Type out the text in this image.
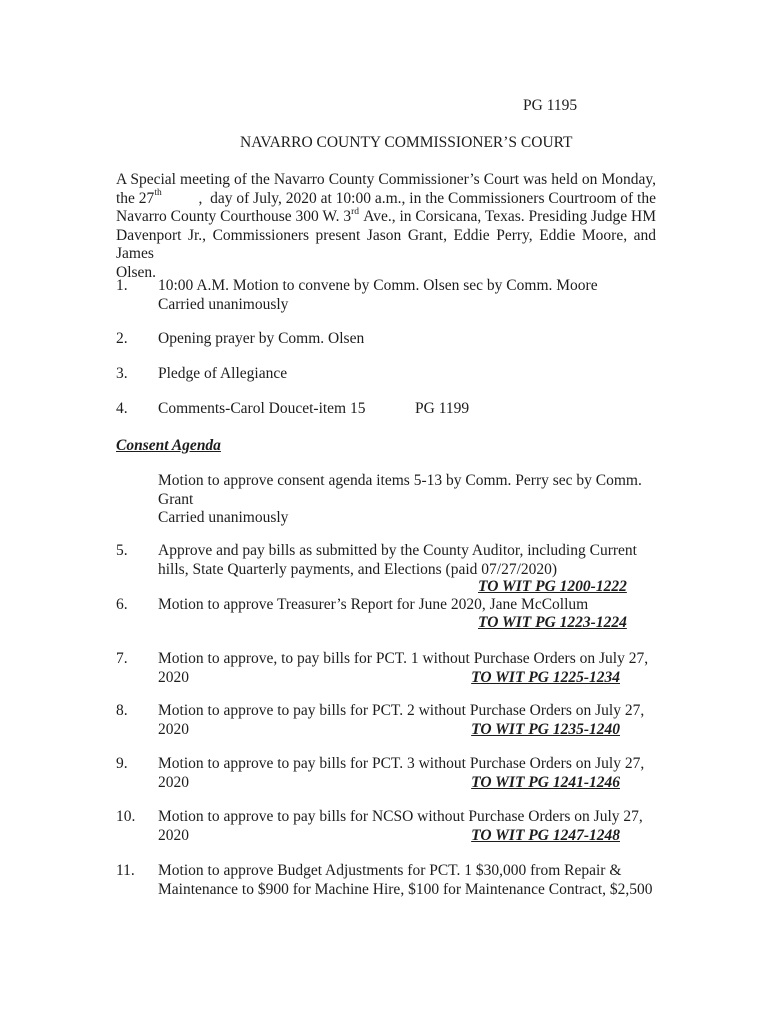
PG 1195
NAVARRO COUNTY COMMISSIONER’S COURT
A Special meeting of the Navarro County Commissioner’s Court was held on Monday,
the 27th ,  day of July, 2020 at 10:00 a.m., in the Commissioners Courtroom of the
Navarro County Courthouse 300 W. 3rd Ave., in Corsicana, Texas. Presiding Judge HM
Davenport Jr., Commissioners present Jason Grant, Eddie Perry, Eddie Moore, and James
Olsen.
1. 10:00 A.M. Motion to convene by Comm. Olsen sec by Comm. Moore
Carried unanimously
2. Opening prayer by Comm. Olsen
3. Pledge of Allegiance
4. Comments-Carol Doucet-item 15	PG 1199
Consent Agenda
Motion to approve consent agenda items 5-13 by Comm. Perry sec by Comm.
Grant
Carried unanimously
5. Approve and pay bills as submitted by the County Auditor, including Current
hills, State Quarterly payments, and Elections (paid 07/27/2020)
TO WIT PG 1200-1222
6. Motion to approve Treasurer’s Report for June 2020, Jane McCollum
TO WIT PG 1223-1224
7. Motion to approve, to pay bills for PCT. 1 without Purchase Orders on July 27,
2020	TO WIT PG 1225-1234
8. Motion to approve to pay bills for PCT. 2 without Purchase Orders on July 27,
2020	TO WIT PG 1235-1240
9. Motion to approve to pay bills for PCT. 3 without Purchase Orders on July 27,
2020	TO WIT PG 1241-1246
10. Motion to approve to pay bills for NCSO without Purchase Orders on July 27,
2020	TO WIT PG 1247-1248
11. Motion to approve Budget Adjustments for PCT. 1 $30,000 from Repair &
Maintenance to $900 for Machine Hire, $100 for Maintenance Contract, $2,500
